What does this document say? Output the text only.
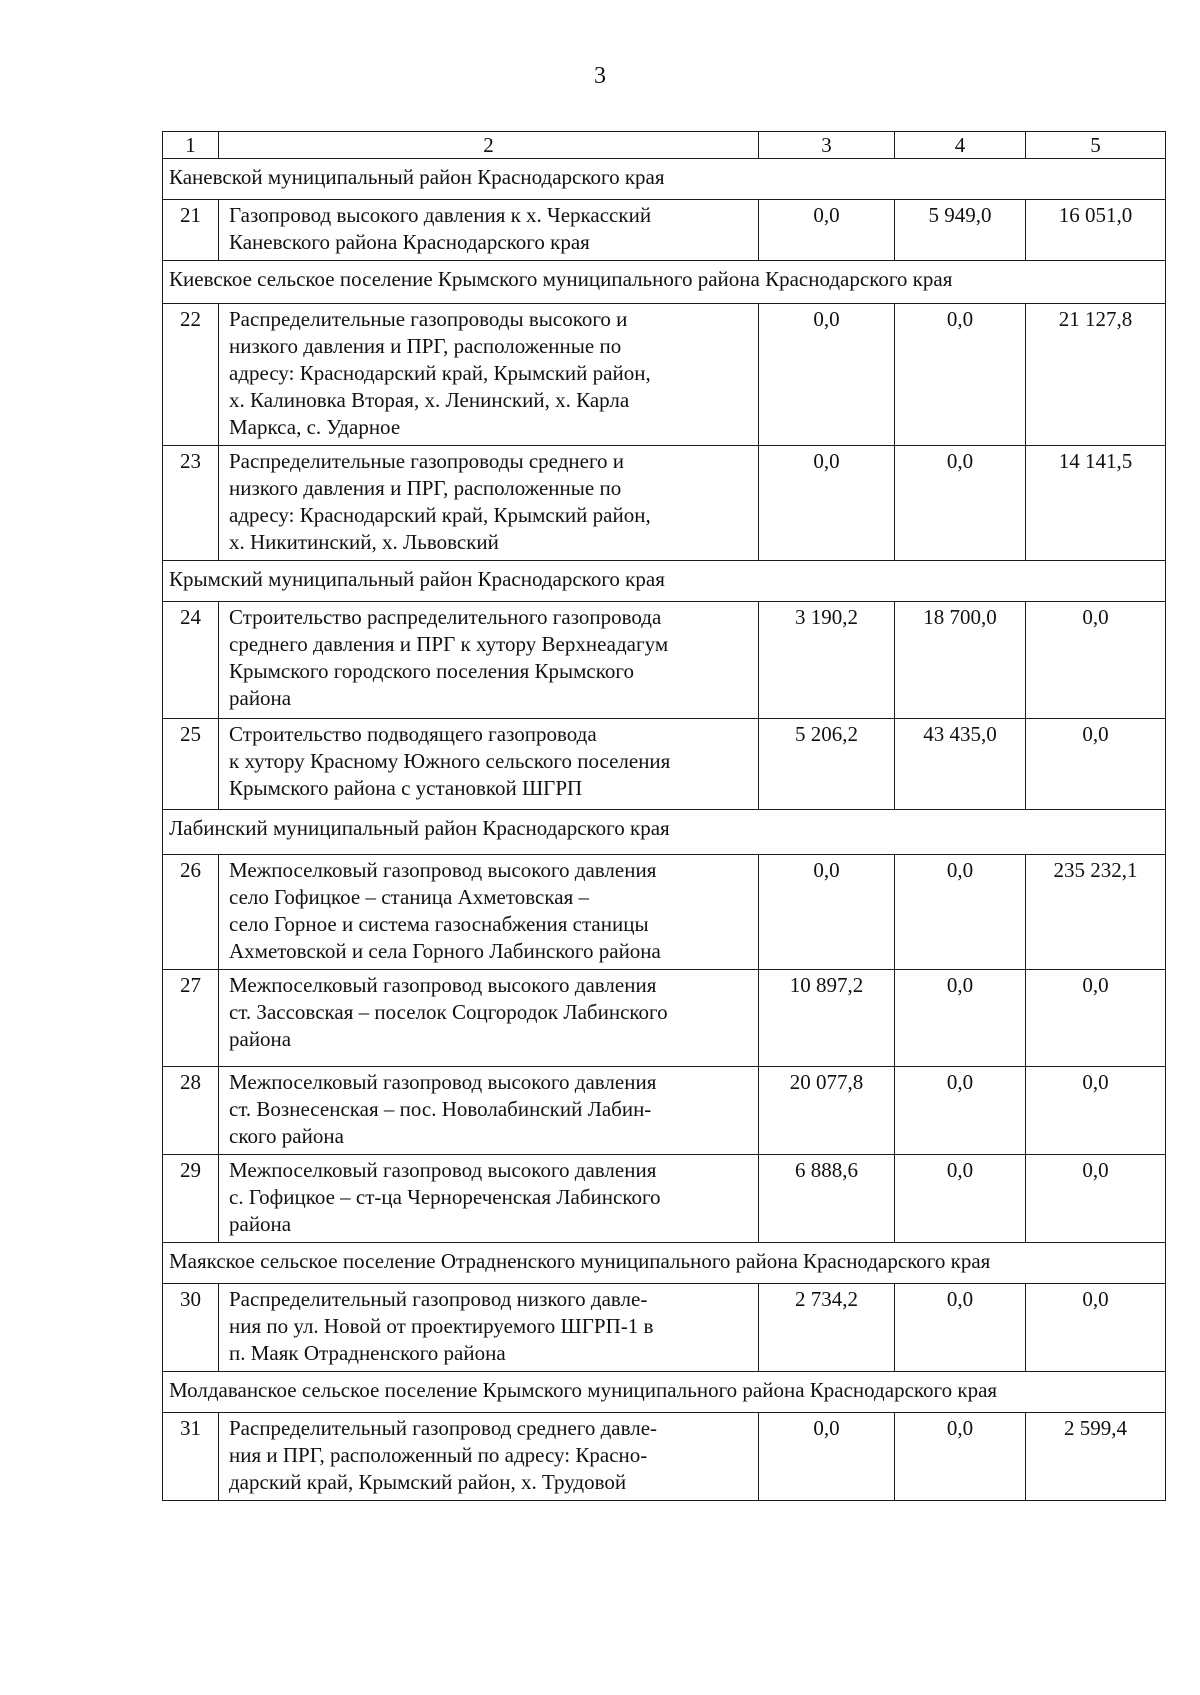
3
1	2	3	4	5
Каневской муниципальный район Краснодарского края				
21	Газопровод высокого давления к х. Черкасский
Каневского района Краснодарского края	0,0	5 949,0	16 051,0
Киевское сельское поселение Крымского муниципального района Краснодарского края				
22	Распределительные газопроводы высокого и
низкого давления и ПРГ, расположенные по
адресу: Краснодарский край, Крымский район,
х. Калиновка Вторая, х. Ленинский, х. Карла
Маркса, с. Ударное	0,0	0,0	21 127,8
23	Распределительные газопроводы среднего и
низкого давления и ПРГ, расположенные по
адресу: Краснодарский край, Крымский район,
х. Никитинский, х. Львовский	0,0	0,0	14 141,5
Крымский муниципальный район Краснодарского края				
24	Строительство распределительного газопровода
среднего давления и ПРГ к хутору Верхнеадагум
Крымского городского поселения Крымского
района	3 190,2	18 700,0	0,0
25	Строительство подводящего газопровода
к хутору Красному Южного сельского поселения
Крымского района с установкой ШГРП	5 206,2	43 435,0	0,0
Лабинский муниципальный район Краснодарского края				
26	Межпоселковый газопровод высокого давления
село Гофицкое – станица Ахметовская –
село Горное и система газоснабжения станицы
Ахметовской и села Горного Лабинского района	0,0	0,0	235 232,1
27	Межпоселковый газопровод высокого давления
ст. Зассовская – поселок Соцгородок Лабинского
района	10 897,2	0,0	0,0
28	Межпоселковый газопровод высокого давления
ст. Вознесенская – пос. Новолабинский Лабин-
ского района	20 077,8	0,0	0,0
29	Межпоселковый газопровод высокого давления
с. Гофицкое – ст-ца Чернореченская Лабинского
района	6 888,6	0,0	0,0
Маякское сельское поселение Отрадненского муниципального района Краснодарского края				
30	Распределительный газопровод низкого давле-
ния по ул. Новой от проектируемого ШГРП-1 в
п. Маяк Отрадненского района	2 734,2	0,0	0,0
Молдаванское сельское поселение Крымского муниципального района Краснодарского края				
31	Распределительный газопровод среднего давле-
ния и ПРГ, расположенный по адресу: Красно-
дарский край, Крымский район, х. Трудовой	0,0	0,0	2 599,4
